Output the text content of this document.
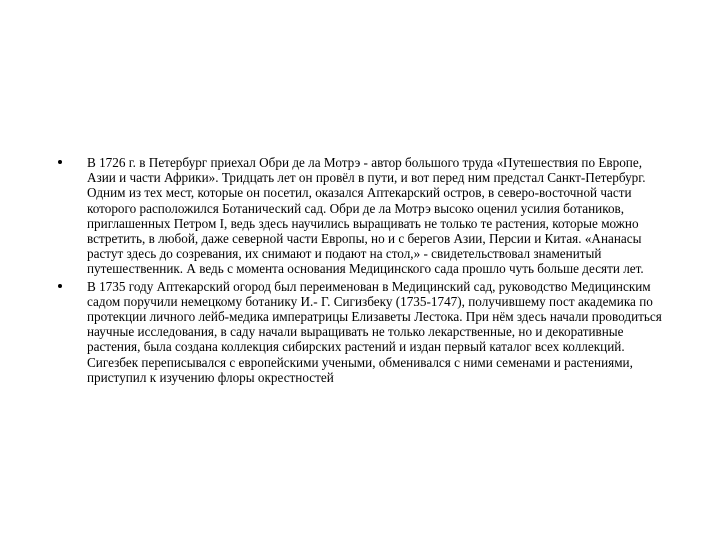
В 1726 г. в Петербург приехал Обри де ла Мотрэ - автор большого труда «Путешествия по Европе, Азии и части Африки». Тридцать лет он провёл в пути, и вот перед ним предстал Санкт-Петербург. Одним из тех мест, которые он посетил, оказался Аптекарский остров, в северо-восточной части которого расположился Ботанический сад. Обри де ла Мотрэ высоко оценил усилия ботаников, приглашенных Петром I, ведь здесь научились выращивать не только те растения, которые можно встретить, в любой, даже северной части Европы, но и с берегов Азии, Персии и Китая. «Ананасы растут здесь до созревания, их снимают и подают на стол,» - свидетельствовал знаменитый путешественник. А ведь с момента основания Медицинского сада прошло чуть больше десяти лет.
В 1735 году Аптекарский огород был переименован в Медицинский сад, руководство Медицинским садом поручили немецкому ботанику И.- Г. Сигизбеку (1735-1747), получившему пост академика по протекции личного лейб-медика императрицы Елизаветы Лестока. При нём здесь начали проводиться научные исследования, в саду начали выращивать не только лекарственные, но и декоративные растения, была создана коллекция сибирских растений и издан первый каталог всех коллекций. Сигезбек переписывался с европейскими учеными, обменивался с ними семенами и растениями, приступил к изучению флоры окрестностей
